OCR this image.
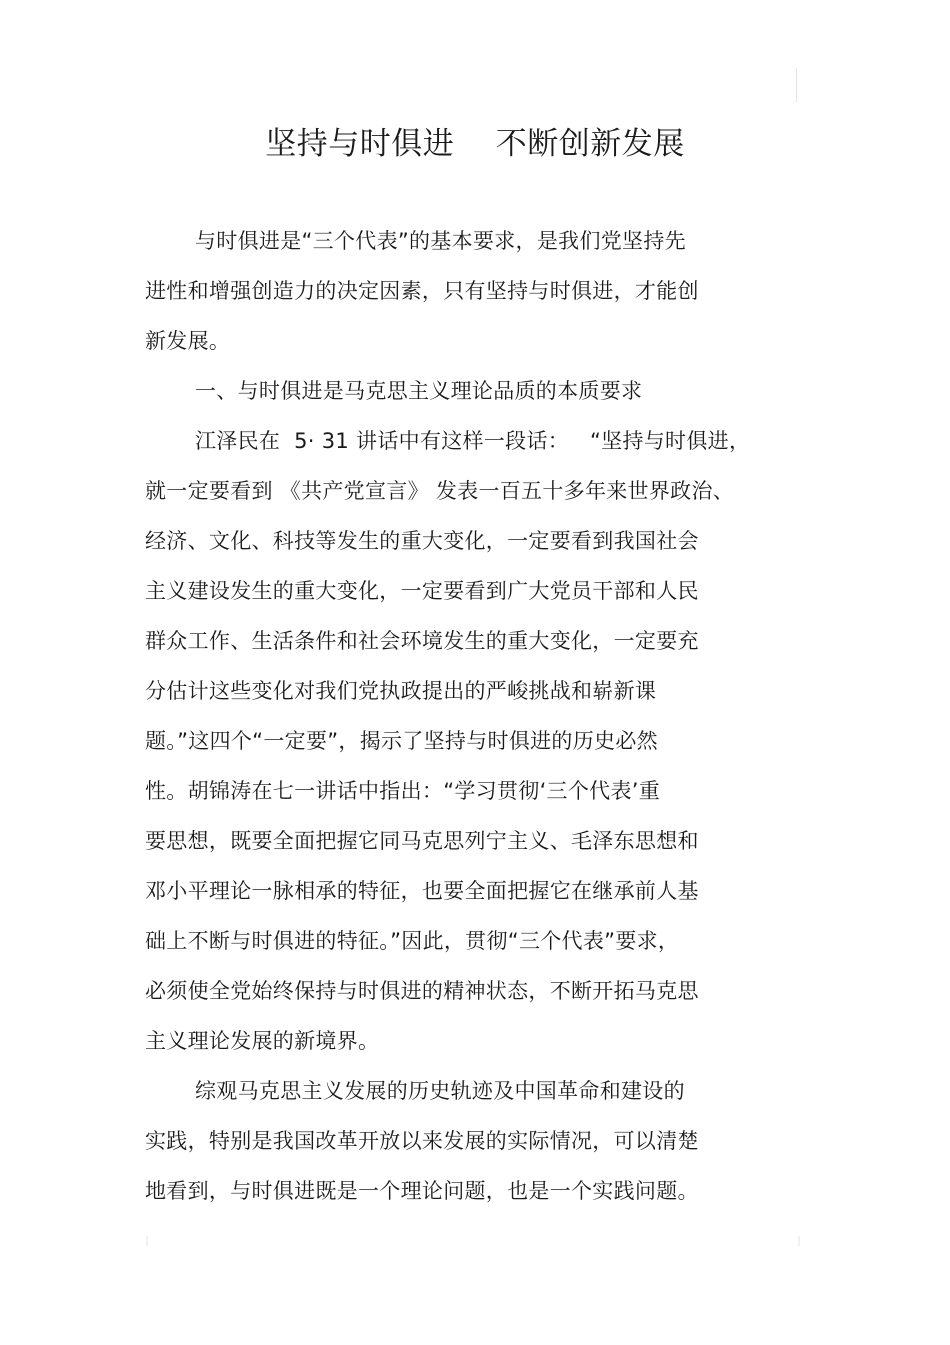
坚持与时俱进    不断创新发展
与时俱进是“三个代表”的基本要求，是我们党坚持先
进性和增强创造力的决定因素，只有坚持与时俱进，才能创
新发展。
一、与时俱进是马克思主义理论品质的本质要求
江泽民在  5· 31 讲话中有这样一段话：   “坚持与时俱进，
就一定要看到 《共产党宣言》 发表一百五十多年来世界政治、
经济、文化、科技等发生的重大变化，一定要看到我国社会
主义建设发生的重大变化，一定要看到广大党员干部和人民
群众工作、生活条件和社会环境发生的重大变化，一定要充
分估计这些变化对我们党执政提出的严峻挑战和崭新课
题。”这四个“一定要”，揭示了坚持与时俱进的历史必然
性。胡锦涛在七一讲话中指出：“学习贯彻‘三个代表’重
要思想，既要全面把握它同马克思列宁主义、毛泽东思想和
邓小平理论一脉相承的特征，也要全面把握它在继承前人基
础上不断与时俱进的特征。”因此，贯彻“三个代表”要求，
必须使全党始终保持与时俱进的精神状态，不断开拓马克思
主义理论发展的新境界。
综观马克思主义发展的历史轨迹及中国革命和建设的
实践，特别是我国改革开放以来发展的实际情况，可以清楚
地看到，与时俱进既是一个理论问题，也是一个实践问题。
